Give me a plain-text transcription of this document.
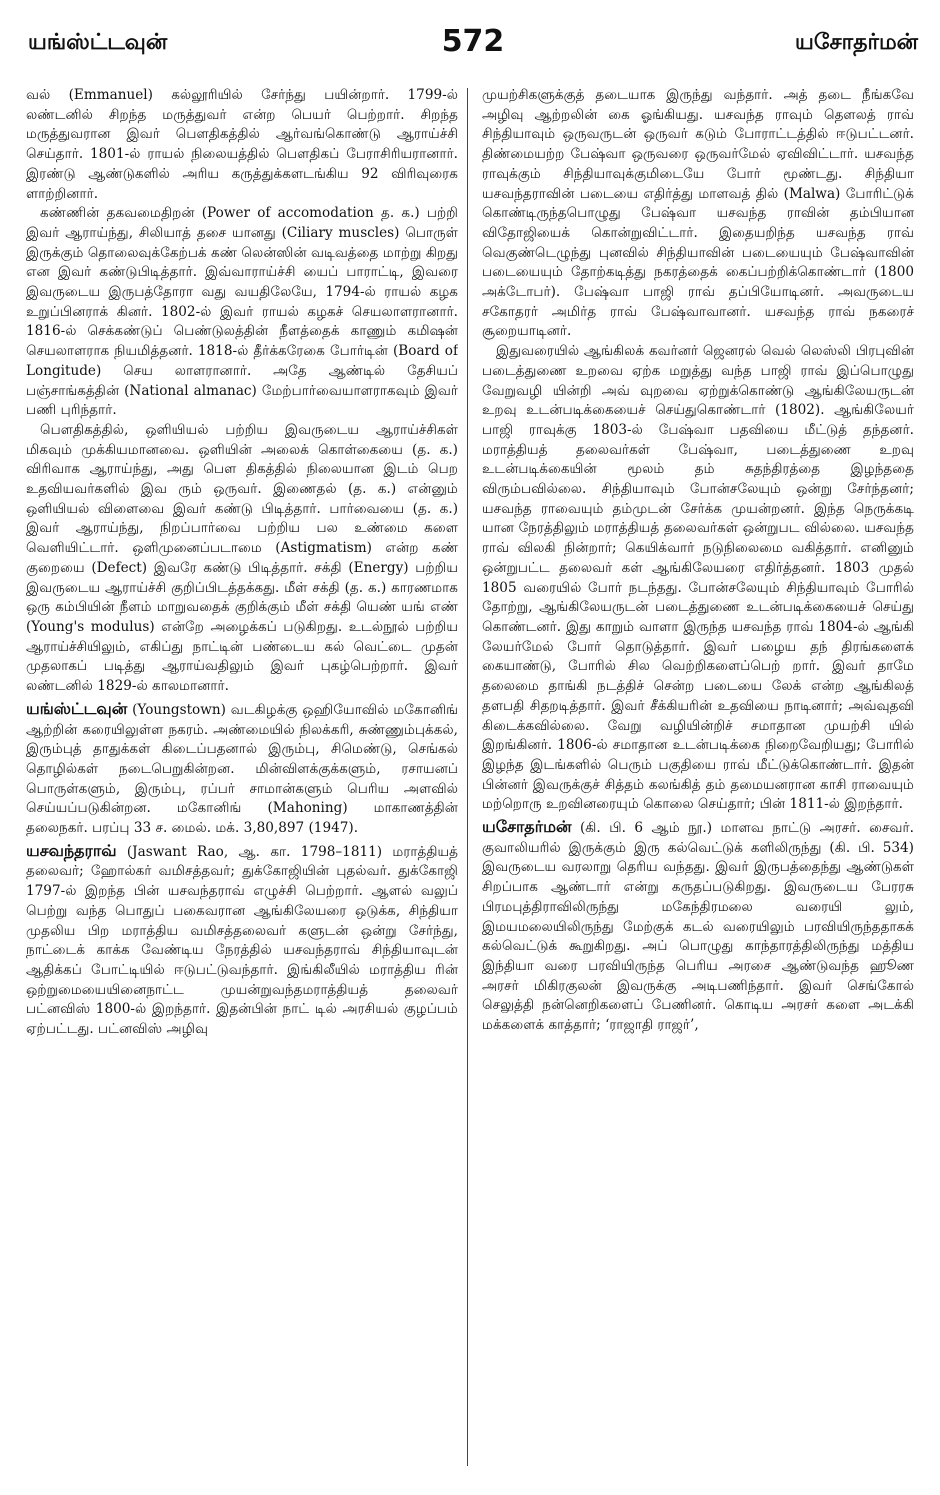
யங்ஸ்ட்டவுன்	572	யசோதர்மன்

வல் (Emmanuel) கல்லூரியில் சேர்ந்து பயின்றார். 1799-ல் லண்டனில் சிறந்த மருத்துவர் என்ற பெயர் பெற்றார். சிறந்த மருத்துவரான இவர் பௌதிகத்தில் ஆர்வங்கொண்டு ஆராய்ச்சி செய்தார். 1801-ல் ராயல் நிலையத்தில் பௌதிகப் பேராசிரியரானார். இரண்டு ஆண்டுகளில் அரிய கருத்துக்களடங்கிய 92 விரிவுரைக ளாற்றினார்.

கண்ணின் தகவமைதிறன் (Power of accomodation த. க.) பற்றி இவர் ஆராய்ந்து, சிலியாத் தசை யானது (Ciliary muscles) பொருள் இருக்கும் தொலைவுக்கேற்பக் கண் லென்ஸின் வடிவத்தை மாற்று கிறது என இவர் கண்டுபிடித்தார். இவ்வாராய்ச்சி யைப் பாராட்டி, இவரை இவருடைய இருபத்தோரா வது வயதிலேயே, 1794-ல் ராயல் கழக உறுப்பினராக் கினர். 1802-ல் இவர் ராயல் கழகச் செயலாளரானார். 1816-ல் செக்கண்டுப் பெண்டுலத்தின் நீளத்தைக் காணும் கமிஷன் செயலாளராக நியமித்தனர். 1818-ல் தீர்க்கரேகை போர்டின் (Board of Longitude) செய லாளரானார். அதே ஆண்டில் தேசியப் பஞ்சாங்கத்தின் (National almanac) மேற்பார்வையாளராகவும் இவர் பணி புரிந்தார்.

பௌதிகத்தில், ஒளியியல் பற்றிய இவருடைய ஆராய்ச்சிகள் மிகவும் முக்கியமானவை. ஒளியின் அலைக் கொள்கையை (த. க.) விரிவாக ஆராய்ந்து, அது பௌ திகத்தில் நிலையான இடம் பெற உதவியவர்களில் இவ ரும் ஒருவர். இணைதல் (த. க.) என்னும் ஒளியியல் விளைவை இவர் கண்டு பிடித்தார். பார்வையை (த. க.) இவர் ஆராய்ந்து, நிறப்பார்வை பற்றிய பல உண்மை களை வெளியிட்டார். ஒளிமுனைப்படாமை (Astigmatism) என்ற கண் குறையை (Defect) இவரே கண்டு பிடித்தார். சக்தி (Energy) பற்றிய இவருடைய ஆராய்ச்சி குறிப்பிடத்தக்கது. மீள் சக்தி (த. க.) காரணமாக ஒரு கம்பியின் நீளம் மாறுவதைக் குறிக்கும் மீள் சக்தி யெண் யங் எண் (Young's modulus) என்றே அழைக்கப் படுகிறது. உடல்நூல் பற்றிய ஆராய்ச்சியிலும், எகிப்து நாட்டின் பண்டைய கல் வெட்டை முதன் முதலாகப் படித்து ஆராய்வதிலும் இவர் புகழ்பெற்றார். இவர் லண்டனில் 1829-ல் காலமானார்.

யங்ஸ்ட்டவுன் (Youngstown) வடகிழக்கு ஒஹியோவில் மகோனிங் ஆற்றின் கரையிலுள்ள நகரம். அண்மையில் நிலக்கரி, சுண்ணும்புக்கல், இரும்புத் தாதுக்கள் கிடைப்பதனால் இரும்பு, சிமெண்டு, செங்கல் தொழில்கள் நடைபெறுகின்றன. மின்விளக்குக்களும், ரசாயனப் பொருள்களும், இரும்பு, ரப்பர் சாமான்களும் பெரிய அளவில் செய்யப்படுகின்றன. மகோனிங் (Mahoning) மாகாணத்தின் தலைநகர். பரப்பு 33 ச. மைல். மக். 3,80,897 (1947).

யசவந்தராவ் (Jaswant Rao, ஆ. கா. 1798–1811) மராத்தியத் தலைவர்; ஹோல்கர் வமிசத்தவர்; துக்கோஜியின் புதல்வர். துக்கோஜி 1797-ல் இறந்த பின் யசவந்தராவ் எழுச்சி பெற்றார். ஆளல் வலுப் பெற்று வந்த பொதுப் பகைவரான ஆங்கிலேயரை ஒடுக்க, சிந்தியா முதலிய பிற மராத்திய வமிசத்தலைவர் களுடன் ஒன்று சேர்ந்து, நாட்டைக் காக்க வேண்டிய நேரத்தில் யசவந்தராவ் சிந்தியாவுடன் ஆதிக்கப் போட்டியில் ஈடுபட்டுவந்தார். இங்கிலீயில் மராத்திய ரின் ஒற்றுமையையினைநாட்ட முயன்றுவந்தமராத்தியத் தலைவர் பட்னவிஸ் 1800-ல் இறந்தார். இதன்பின் நாட் டில் அரசியல் குழப்பம் ஏற்பட்டது. பட்னவிஸ் அழிவு

முயற்சிகளுக்குத் தடையாக இருந்து வந்தார். அத் தடை நீங்கவே அழிவு ஆற்றலின் கை ஓங்கியது. யசவந்த ராவும் தௌலத் ராவ் சிந்தியாவும் ஒருவருடன் ஒருவர் கடும் போராட்டத்தில் ஈடுபட்டனர். திண்மையற்ற பேஷ்வா ஒருவரை ஒருவர்மேல் ஏவிவிட்டார். யசவந்த ராவுக்கும் சிந்தியாவுக்குமிடையே போர் மூண்டது. சிந்தியா யசவந்தராவின் படையை எதிர்த்து மாளவத் தில் (Malwa) போரிட்டுக் கொண்டிருந்தபொழுது பேஷ்வா யசவந்த ராவின் தம்பியான விதோஜியைக் கொன்றுவிட்டார். இதையறிந்த யசவந்த ராவ் வெகுண்டெழுந்து புனவில் சிந்தியாவின் படையையும் பேஷ்வாவின் படையையும் தோற்கடித்து நகரத்தைக் கைப்பற்றிக்கொண்டார் (1800 அக்டோபர்). பேஷ்வா பாஜி ராவ் தப்பியோடினர். அவருடைய சகோதரர் அமிர்த ராவ் பேஷ்வாவானர். யசவந்த ராவ் நகரைச் சூறையாடினர்.

இதுவரையில் ஆங்கிலக் கவர்னர் ஜெனரல் வெல் லெஸ்லி பிரபுவின் படைத்துணை உறவை ஏற்க மறுத்து வந்த பாஜி ராவ் இப்பொழுது வேறுவழி யின்றி அவ் வுறவை ஏற்றுக்கொண்டு ஆங்கிலேயருடன் உறவு உடன்படிக்கையைச் செய்துகொண்டார் (1802). ஆங்கிலேயர் பாஜி ராவுக்கு 1803-ல் பேஷ்வா பதவியை மீட்டுத் தந்தனர். மராத்தியத் தலைவர்கள் பேஷ்வா, படைத்துணை உறவு உடன்படிக்கையின் மூலம் தம் சுதந்திரத்தை இழந்ததை விரும்பவில்லை. சிந்தியாவும் போன்சலேயும் ஒன்று சேர்ந்தனர்; யசவந்த ராவையும் தம்முடன் சேர்க்க முயன்றனர். இந்த நெருக்கடி யான நேரத்திலும் மராத்தியத் தலைவர்கள் ஒன்றுபட வில்லை. யசவந்த ராவ் விலகி நின்றார்; கெயிக்வார் நடுநிலைமை வகித்தார். எனினும் ஒன்றுபட்ட தலைவர் கள் ஆங்கிலேயரை எதிர்த்தனர். 1803 முதல் 1805 வரையில் போர் நடந்தது. போன்சலேயும் சிந்தியாவும் போரில் தோற்று, ஆங்கிலேயருடன் படைத்துணை உடன்படிக்கையைச் செய்து கொண்டனர். இது காறும் வாளா இருந்த யசவந்த ராவ் 1804-ல் ஆங்கி லேயர்மேல் போர் தொடுத்தார். இவர் பழைய தந் திரங்களைக் கையாண்டு, போரில் சில வெற்றிகளைப்பெற் றார். இவர் தாமே தலைமை தாங்கி நடத்திச் சென்ற படையை லேக் என்ற ஆங்கிலத் தளபதி சிதறடித்தார். இவர் சீக்கியரின் உதவியை நாடினார்; அவ்வுதவி கிடைக்கவில்லை. வேறு வழியின்றிச் சமாதான முயற்சி யில் இறங்கினர். 1806-ல் சமாதான உடன்படிக்கை நிறைவேறியது; போரில் இழந்த இடங்களில் பெரும் பகுதியை ராவ் மீட்டுக்கொண்டார். இதன் பின்னர் இவருக்குச் சித்தம் கலங்கித் தம் தமையனரான காசி ராவையும் மற்றொரு உறவினரையும் கொலை செய்தார்; பின் 1811-ல் இறந்தார்.

யசோதர்மன் (கி. பி. 6 ஆம் நூ.) மாளவ நாட்டு அரசர். சைவர். குவாலியரில் இருக்கும் இரு கல்வெட்டுக் களிலிருந்து (கி. பி. 534) இவருடைய வரலாறு தெரிய வந்தது. இவர் இருபத்தைந்து ஆண்டுகள் சிறப்பாக ஆண்டார் என்று கருதப்படுகிறது. இவருடைய பேரரசு பிரமபுத்திராவிலிருந்து மகேந்திரமலை வரையி லும், இமயமலையிலிருந்து மேற்குக் கடல் வரையிலும் பரவியிருந்ததாகக் கல்வெட்டுக் கூறுகிறது. அப் பொழுது காந்தாரத்திலிருந்து மத்திய இந்தியா வரை பரவியிருந்த பெரிய அரசை ஆண்டுவந்த ஹூண அரசர் மிகிரகுலன் இவருக்கு அடிபணிந்தார். இவர் செங்கோல் செலுத்தி நன்னெறிகளைப் பேணினர். கொடிய அரசர் களை அடக்கி மக்களைக் காத்தார்; ‘ராஜாதி ராஜர்’,
